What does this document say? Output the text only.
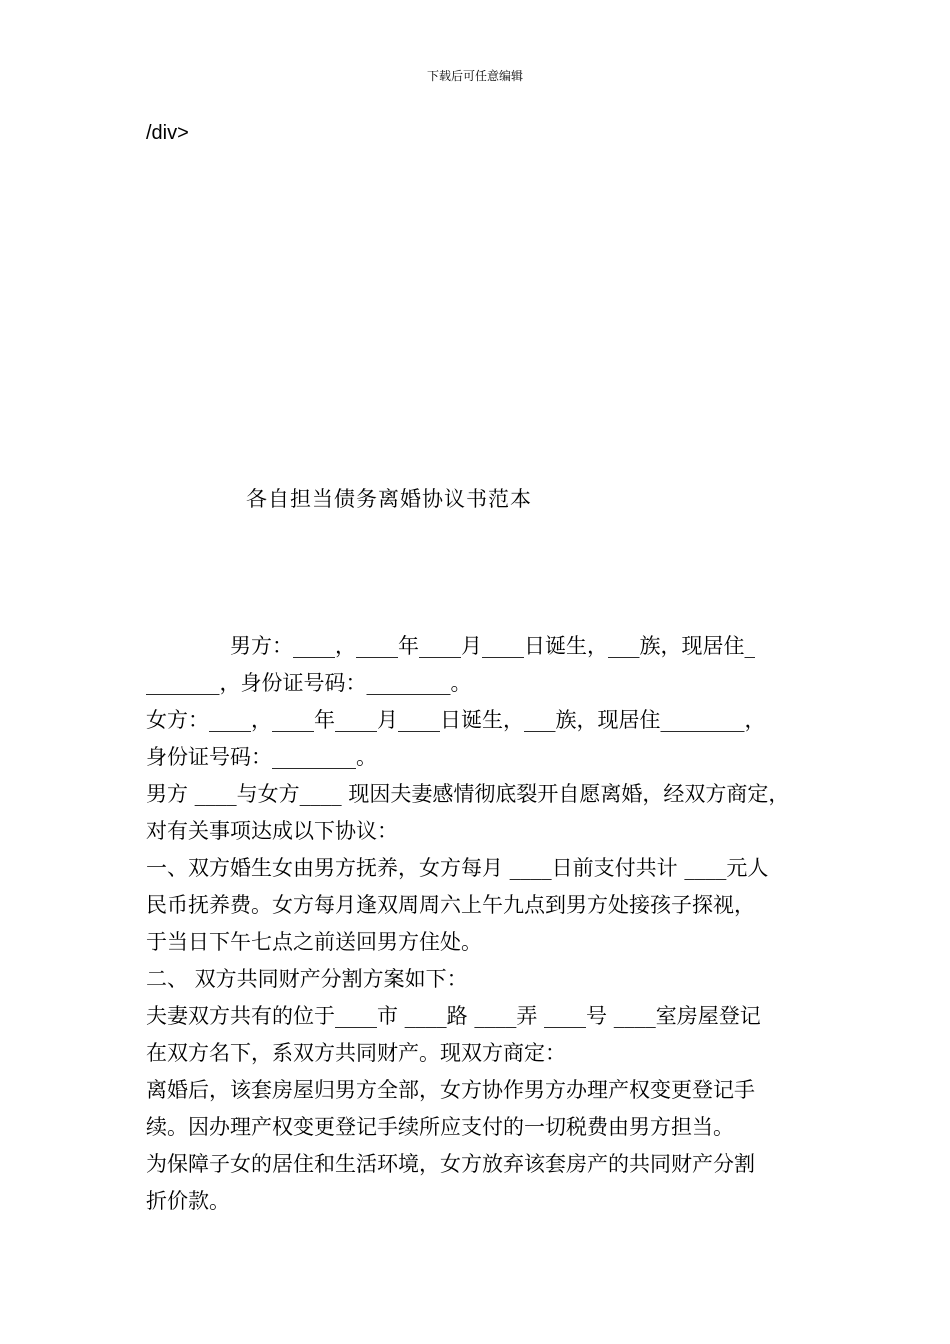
下载后可任意编辑
/div>
各自担当债务离婚协议书范本
　　　　男方：____，____年____月____日诞生，___族，现居住_
_______，身份证号码：________。
女方：____，____年____月____日诞生，___族，现居住________，
身份证号码：________。
男方 ____与女方____ 现因夫妻感情彻底裂开自愿离婚，经双方商定，
对有关事项达成以下协议：
一、双方婚生女由男方抚养，女方每月 ____日前支付共计 ____元人
民币抚养费。女方每月逢双周周六上午九点到男方处接孩子探视，
于当日下午七点之前送回男方住处。
二、 双方共同财产分割方案如下：
夫妻双方共有的位于____市 ____路 ____弄 ____号 ____室房屋登记
在双方名下，系双方共同财产。现双方商定：
离婚后，该套房屋归男方全部，女方协作男方办理产权变更登记手
续。因办理产权变更登记手续所应支付的一切税费由男方担当。
为保障子女的居住和生活环境，女方放弃该套房产的共同财产分割
折价款。
